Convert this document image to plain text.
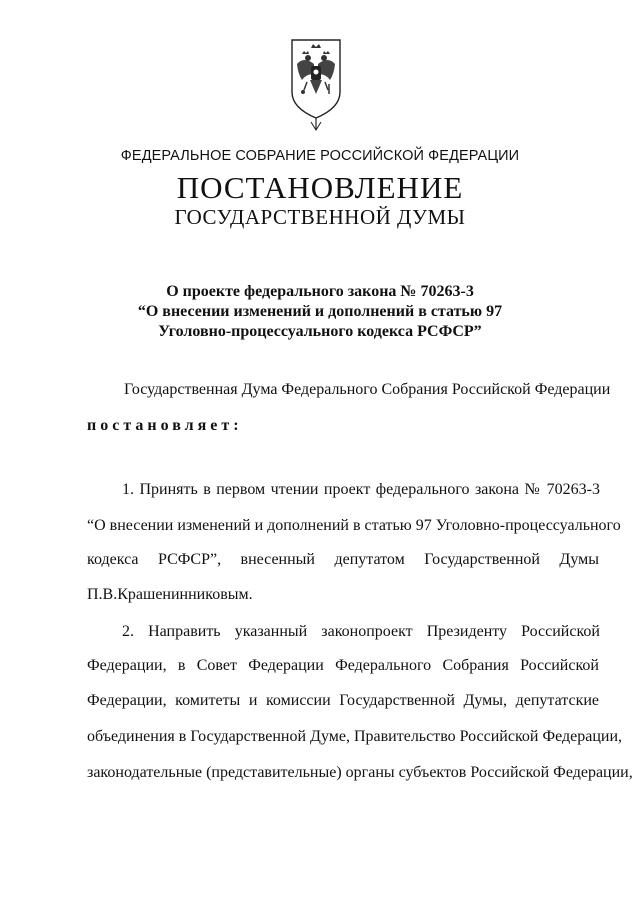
ФЕДЕРАЛЬНОЕ СОБРАНИЕ РОССИЙСКОЙ ФЕДЕРАЦИИ
ПОСТАНОВЛЕНИЕ
ГОСУДАРСТВЕННОЙ ДУМЫ
О проекте федерального закона № 70263-3
“О внесении изменений и дополнений в статью 97
Уголовно-процессуального кодекса РСФСР”
Государственная Дума Федерального Собрания Российской Федерации
постановляет:
1. Принять в первом чтении проект федерального закона № 70263-3
“О внесении изменений и дополнений в статью 97 Уголовно-процессуального
кодекса РСФСР”, внесенный депутатом Государственной Думы
П.В.Крашенинниковым.
2. Направить указанный законопроект Президенту Российской
Федерации, в Совет Федерации Федерального Собрания Российской
Федерации, комитеты и комиссии Государственной Думы, депутатские
объединения в Государственной Думе, Правительство Российской Федерации,
законодательные (представительные) органы субъектов Российской Федерации,
